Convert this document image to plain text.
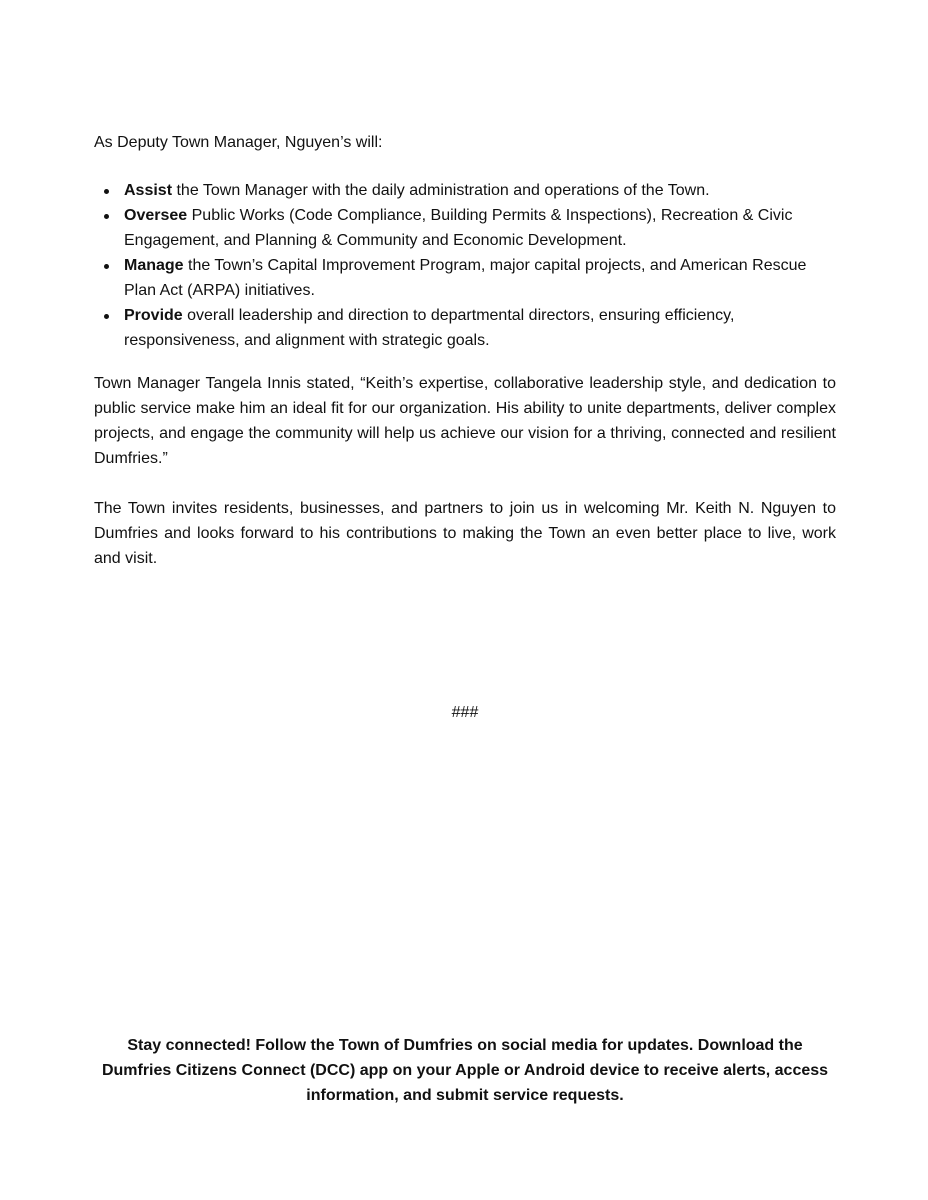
As Deputy Town Manager, Nguyen’s will:

Assist the Town Manager with the daily administration and operations of the Town.
Oversee Public Works (Code Compliance, Building Permits & Inspections), Recreation & Civic Engagement, and Planning & Community and Economic Development.
Manage the Town’s Capital Improvement Program, major capital projects, and American Rescue Plan Act (ARPA) initiatives.
Provide overall leadership and direction to departmental directors, ensuring efficiency, responsiveness, and alignment with strategic goals.

Town Manager Tangela Innis stated, “Keith’s expertise, collaborative leadership style, and dedication to public service make him an ideal fit for our organization. His ability to unite departments, deliver complex projects, and engage the community will help us achieve our vision for a thriving, connected and resilient Dumfries.”

The Town invites residents, businesses, and partners to join us in welcoming Mr. Keith N. Nguyen to Dumfries and looks forward to his contributions to making the Town an even better place to live, work and visit.

###

Stay connected! Follow the Town of Dumfries on social media for updates. Download the Dumfries Citizens Connect (DCC) app on your Apple or Android device to receive alerts, access information, and submit service requests.
